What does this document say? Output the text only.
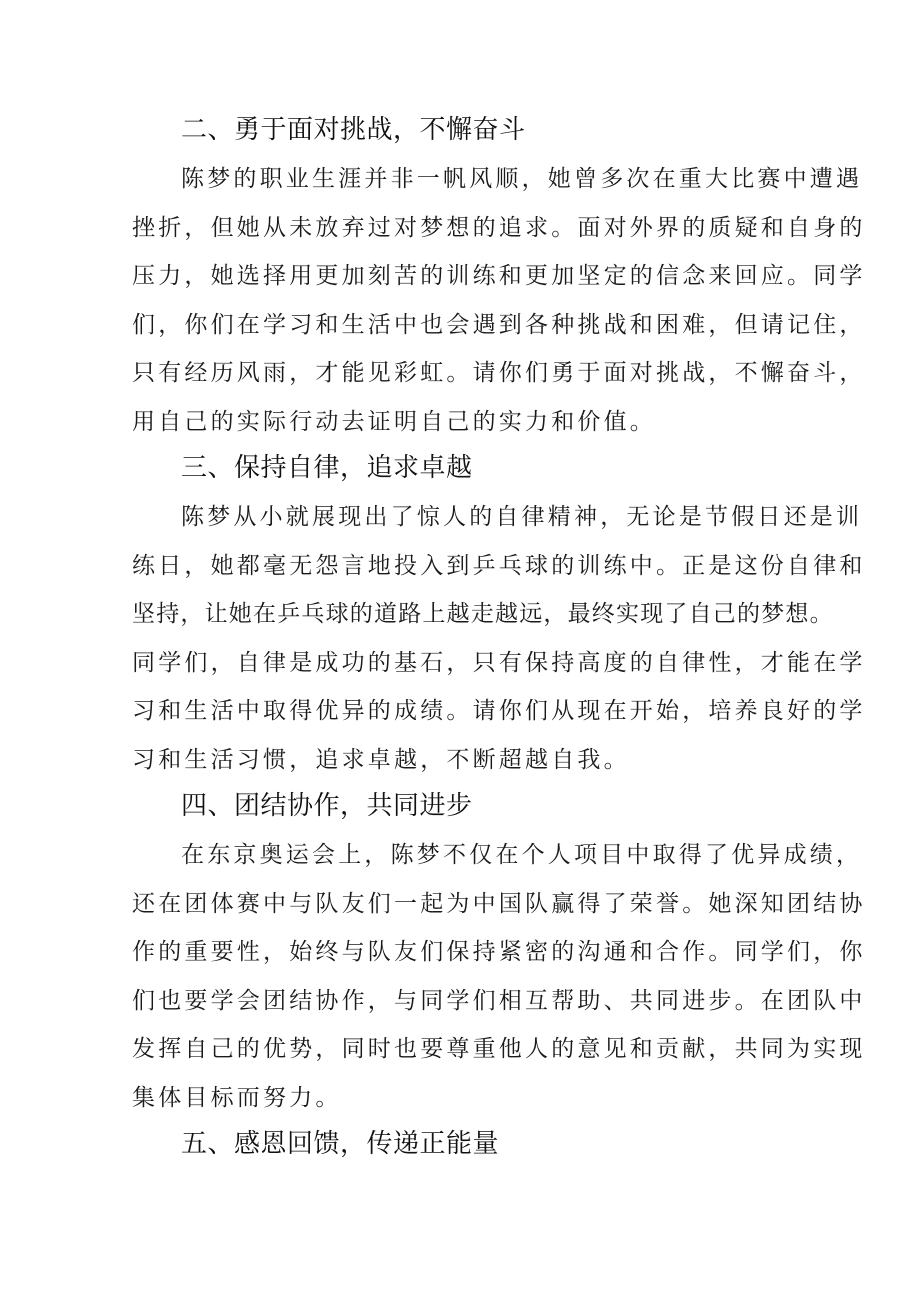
二、勇于面对挑战，不懈奋斗
陈梦的职业生涯并非一帆风顺，她曾多次在重大比赛中遭遇
挫折，但她从未放弃过对梦想的追求。面对外界的质疑和自身的
压力，她选择用更加刻苦的训练和更加坚定的信念来回应。同学
们，你们在学习和生活中也会遇到各种挑战和困难，但请记住，
只有经历风雨，才能见彩虹。请你们勇于面对挑战，不懈奋斗，
用自己的实际行动去证明自己的实力和价值。
三、保持自律，追求卓越
陈梦从小就展现出了惊人的自律精神，无论是节假日还是训
练日，她都毫无怨言地投入到乒乓球的训练中。正是这份自律和
坚持，让她在乒乓球的道路上越走越远，最终实现了自己的梦想。
同学们，自律是成功的基石，只有保持高度的自律性，才能在学
习和生活中取得优异的成绩。请你们从现在开始，培养良好的学
习和生活习惯，追求卓越，不断超越自我。
四、团结协作，共同进步
在东京奥运会上，陈梦不仅在个人项目中取得了优异成绩，
还在团体赛中与队友们一起为中国队赢得了荣誉。她深知团结协
作的重要性，始终与队友们保持紧密的沟通和合作。同学们，你
们也要学会团结协作，与同学们相互帮助、共同进步。在团队中
发挥自己的优势，同时也要尊重他人的意见和贡献，共同为实现
集体目标而努力。
五、感恩回馈，传递正能量
